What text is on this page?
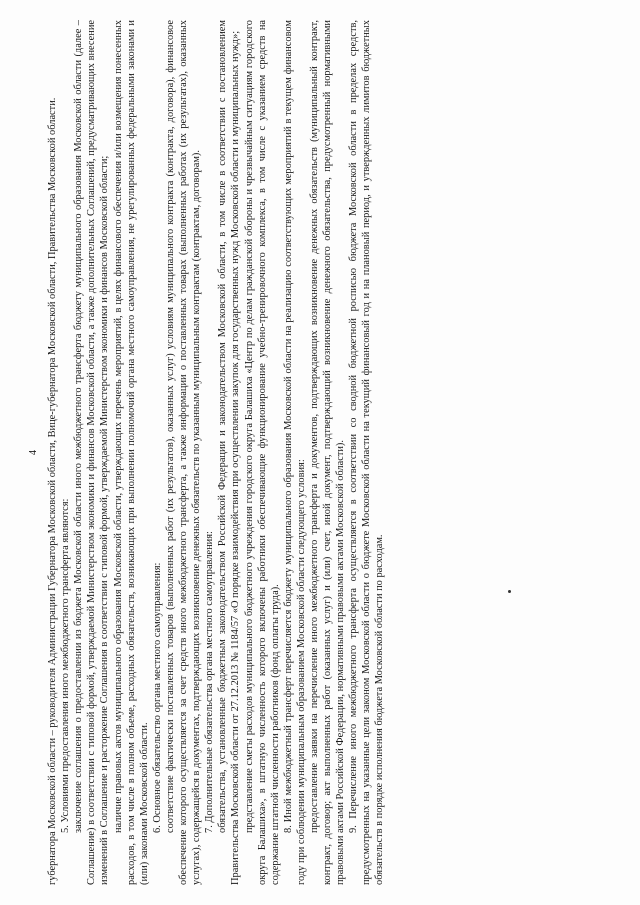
4 губернатора Московской области – руководителя Администрации Губернатора Московской области, Вице-губернатора Московской области, Правительства Московской области. 5. Условиями предоставления иного межбюджетного трансферта являются: заключение соглашения о предоставлении из бюджета Московской области иного межбюджетного трансферта бюджету муниципального образования Московской области (далее – Соглашение) в соответствии с типовой формой, утверждаемой Министерством экономики и финансов Московской области, а также дополнительных Соглашений, предусматривающих внесение изменений в Соглашение и расторжение Соглашения в соответствии с типовой формой, утверждаемой Министерством экономики и финансов Московской области; наличие правовых актов муниципального образования Московской области, утверждающих перечень мероприятий, в целях финансового обеспечения и/или возмещения понесенных расходов, в том числе в полном объеме, расходных обязательств, возникающих при выполнении полномочий органа местного самоуправления, не урегулированных федеральными законами и (или) законами Московской области. 6. Основное обязательство органа местного самоуправления: соответствие фактически поставленных товаров (выполненных работ (их результатов), оказанных услуг) условиям муниципального контракта (контракта, договора), финансовое обеспечение которого осуществляется за счет средств иного межбюджетного трансферта, а также информации о поставленных товарах (выполненных работах (их результатах), оказанных услугах), содержащейся в документах, подтверждающих возникновение денежных обязательств по указанным муниципальным контрактам (контрактам, договорам). 7. Дополнительные обязательства органа местного самоуправления: обязательства, установленные бюджетным законодательством Российской Федерации и законодательством Московской области, в том числе в соответствии с постановлением Правительства Московской области от 27.12.2013 № 1184/57 «О порядке взаимодействия при осуществлении закупок для государственных нужд Московской области и муниципальных нужд»; представление сметы расходов муниципального бюджетного учреждения городского округа Балашиха «Центр по делам гражданской обороны и чрезвычайным ситуациям городского округа Балашиха», в штатную численность которого включены работники обеспечивающие функционирование учебно-тренировочного комплекса, в том числе с указанием средств на содержание штатной численности работников (фонд оплаты труда). 8. Иной межбюджетный трансферт перечисляется бюджету муниципального образования Московской области на реализацию соответствующих мероприятий в текущем финансовом году при соблюдении муниципальным образованием Московской области следующего условия: предоставление заявки на перечисление иного межбюджетного трансферта и документов, подтверждающих возникновение денежных обязательств (муниципальный контракт, контракт, договор; акт выполненных работ (оказанных услуг) и (или) счет, иной документ, подтверждающий возникновение денежного обязательства, предусмотренный нормативными правовыми актами Российской Федерации, нормативными правовыми актами Московской области). 9. Перечисление иного межбюджетного трансферта осуществляется в соответствии со сводной бюджетной росписью бюджета Московской области в пределах средств, предусмотренных на указанные цели законом Московской области о бюджете Московской области на текущий финансовый год и на плановый период, и утвержденных лимитов бюджетных обязательств в порядке исполнения бюджета Московской области по расходам.
